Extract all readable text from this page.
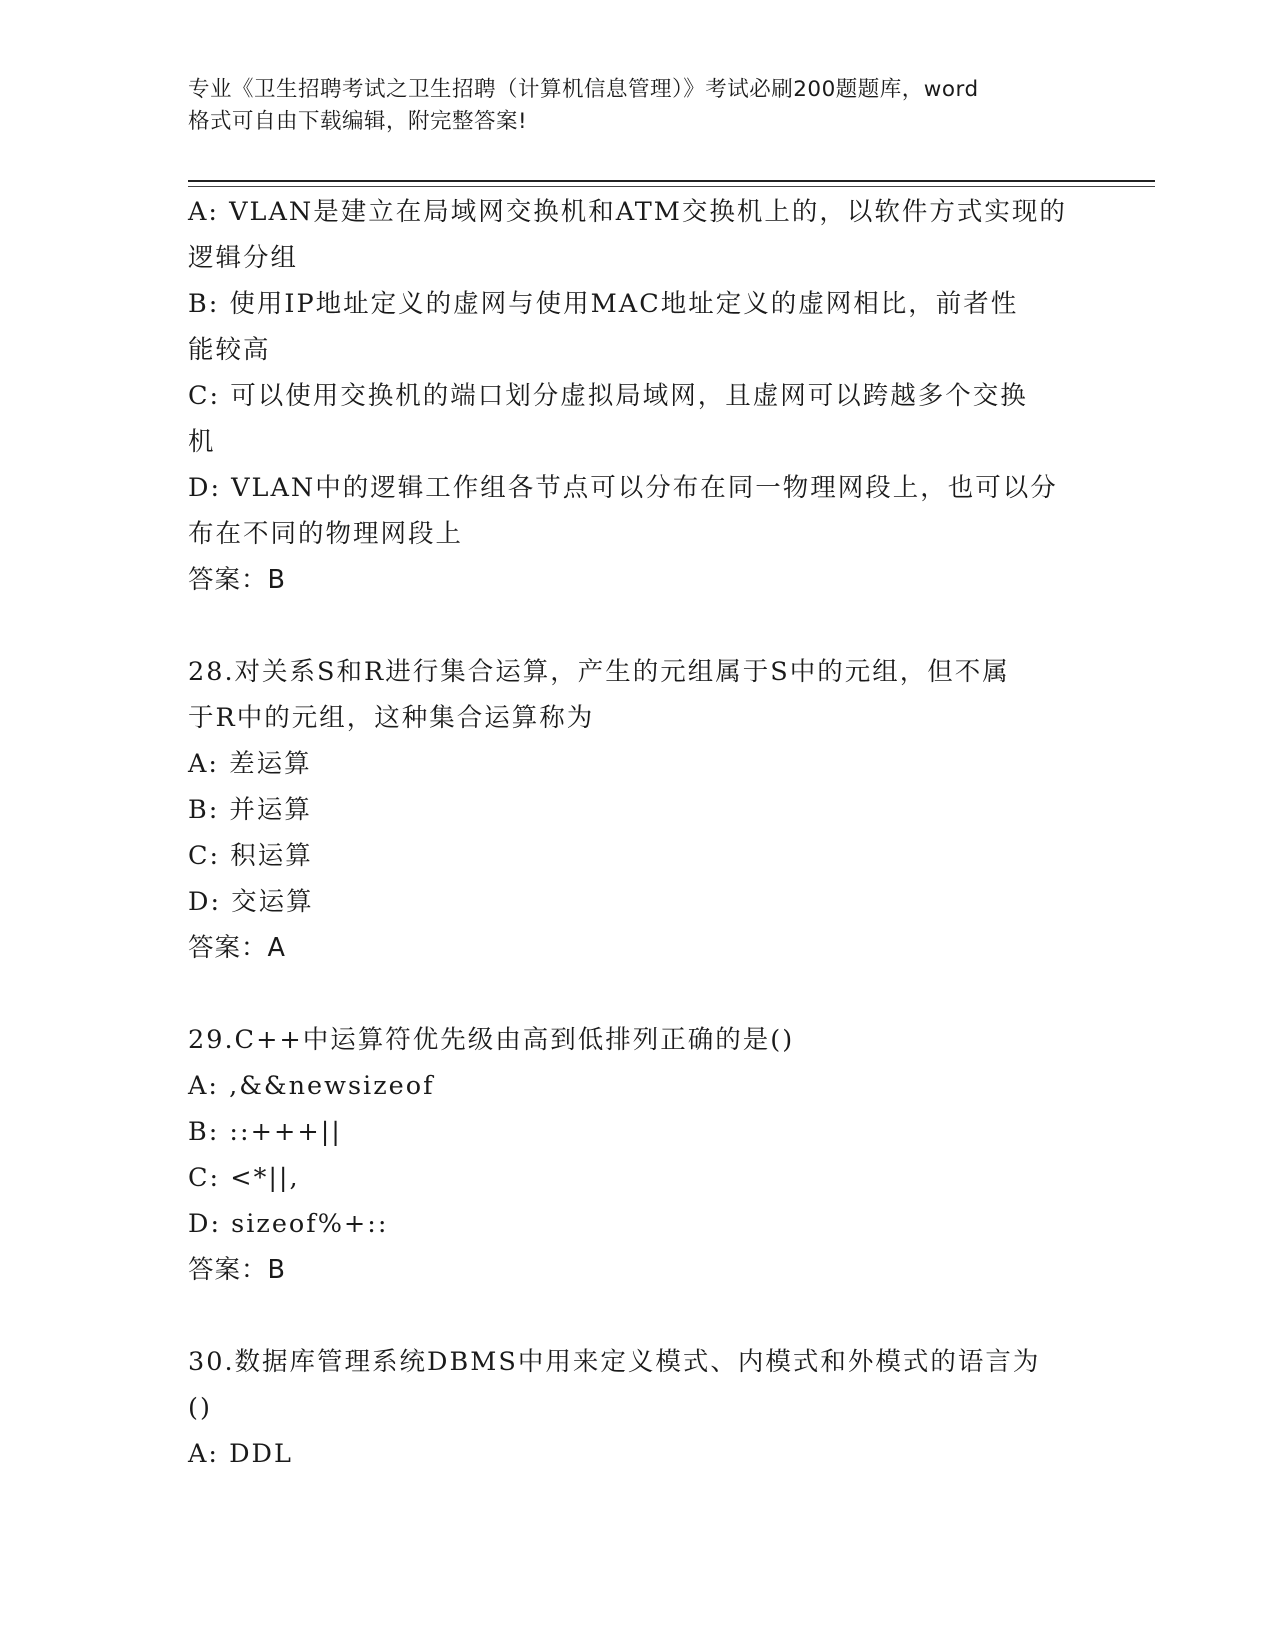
专业《卫生招聘考试之卫生招聘（计算机信息管理）》考试必刷200题题库，word
格式可自由下载编辑，附完整答案!
A: VLAN是建立在局域网交换机和ATM交换机上的，以软件方式实现的
逻辑分组
B: 使用IP地址定义的虚网与使用MAC地址定义的虚网相比，前者性
能较高
C: 可以使用交换机的端口划分虚拟局域网，且虚网可以跨越多个交换
机
D: VLAN中的逻辑工作组各节点可以分布在同一物理网段上，也可以分
布在不同的物理网段上
答案：B
28.对关系S和R进行集合运算，产生的元组属于S中的元组，但不属
于R中的元组，这种集合运算称为
A: 差运算
B: 并运算
C: 积运算
D: 交运算
答案：A
29.C++中运算符优先级由高到低排列正确的是()
A: ,&&newsizeof
B: ::+++||
C: <*||,
D: sizeof%+::
答案：B
30.数据库管理系统DBMS中用来定义模式、内模式和外模式的语言为
()
A: DDL
